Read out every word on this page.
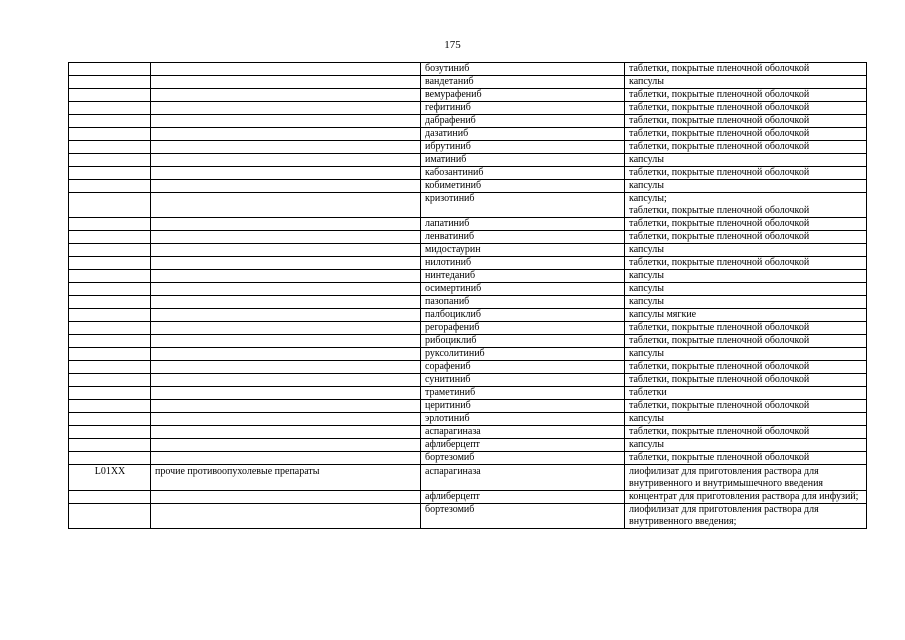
175
		бозутиниб	таблетки, покрытые пленочной оболочкой
		вандетаниб	капсулы
		вемурафениб	таблетки, покрытые пленочной оболочкой
		гефитиниб	таблетки, покрытые пленочной оболочкой
		дабрафениб	таблетки, покрытые пленочной оболочкой
		дазатиниб	таблетки, покрытые пленочной оболочкой
		ибрутиниб	таблетки, покрытые пленочной оболочкой
		иматиниб	капсулы
		кабозантиниб	таблетки, покрытые пленочной оболочкой
		кобиметиниб	капсулы
		кризотиниб	капсулы;
таблетки, покрытые пленочной оболочкой
		лапатиниб	таблетки, покрытые пленочной оболочкой
		ленватиниб	таблетки, покрытые пленочной оболочкой
		мидостаурин	капсулы
		нилотиниб	таблетки, покрытые пленочной оболочкой
		нинтеданиб	капсулы
		осимертиниб	капсулы
		пазопаниб	капсулы
		палбоциклиб	капсулы мягкие
		регорафениб	таблетки, покрытые пленочной оболочкой
		рибоциклиб	таблетки, покрытые пленочной оболочкой
		руксолитиниб	капсулы
		сорафениб	таблетки, покрытые пленочной оболочкой
		сунитиниб	таблетки, покрытые пленочной оболочкой
		траметиниб	таблетки
		церитиниб	таблетки, покрытые пленочной оболочкой
		эрлотиниб	капсулы
		аспарагиназа	таблетки, покрытые пленочной оболочкой
		афлиберцепт	капсулы
		бортезомиб	таблетки, покрытые пленочной оболочкой
L01XX	прочие противоопухолевые препараты	аспарагиназа	лиофилизат для приготовления раствора для внутривенного и внутримышечного введения
		афлиберцепт	концентрат для приготовления раствора для инфузий;
		бортезомиб	лиофилизат для приготовления раствора для внутривенного введения;
